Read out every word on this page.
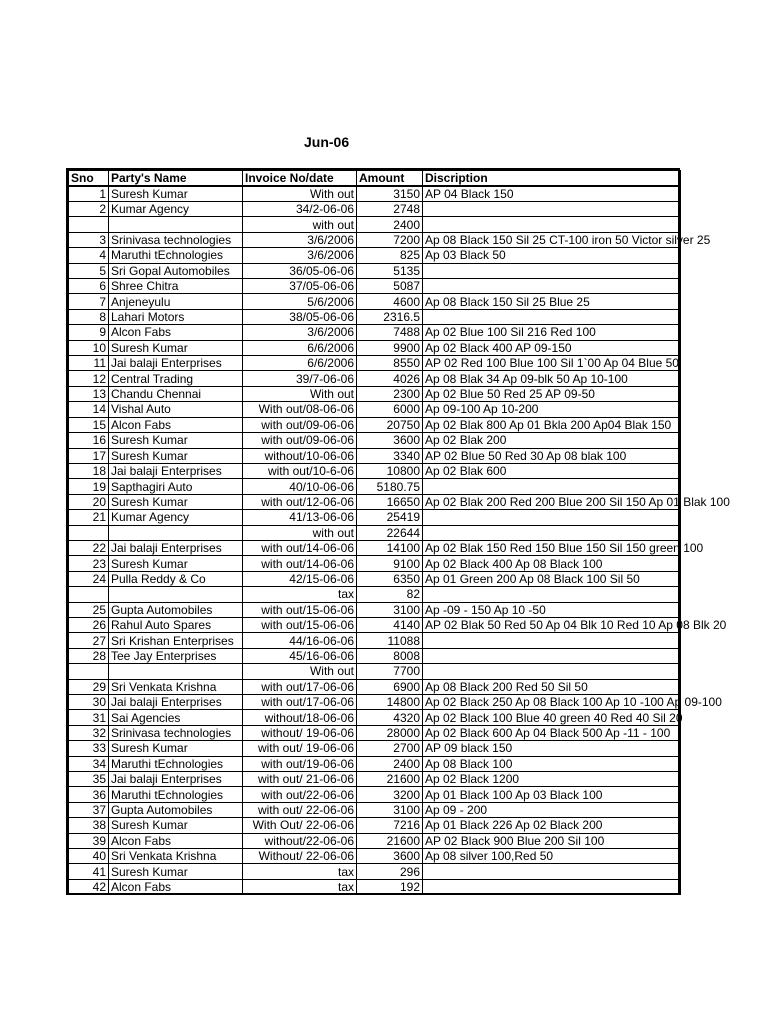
Jun-06
Sno	Party's Name	Invoice No/date	Amount	Discription
1	Suresh Kumar	With out	3150	AP 04 Black 150
2	Kumar Agency	34/2-06-06	2748	
		with out	2400	
3	Srinivasa technologies	3/6/2006	7200	Ap 08 Black 150 Sil 25 CT-100 iron 50 Victor silver 25
4	Maruthi tEchnologies	3/6/2006	825	Ap 03 Black 50
5	Sri Gopal Automobiles	36/05-06-06	5135	
6	Shree Chitra	37/05-06-06	5087	
7	Anjeneyulu	5/6/2006	4600	Ap 08 Black 150 Sil 25 Blue 25
8	Lahari Motors	38/05-06-06	2316.5	
9	Alcon Fabs	3/6/2006	7488	Ap 02 Blue 100 Sil 216 Red 100
10	Suresh Kumar	6/6/2006	9900	Ap 02 Black 400 AP 09-150
11	Jai balaji Enterprises	6/6/2006	8550	AP 02 Red 100 Blue 100 Sil 1`00 Ap 04 Blue 50
12	Central Trading	39/7-06-06	4026	Ap 08 Blak 34 Ap 09-blk 50 Ap 10-100
13	Chandu Chennai	With out	2300	Ap 02 Blue 50 Red 25 AP 09-50
14	Vishal Auto	With out/08-06-06	6000	Ap 09-100 Ap 10-200
15	Alcon Fabs	with out/09-06-06	20750	Ap 02 Blak 800 Ap 01 Bkla 200 Ap04 Blak 150
16	Suresh Kumar	with out/09-06-06	3600	Ap 02 Blak 200
17	Suresh Kumar	without/10-06-06	3340	AP 02 Blue 50 Red 30 Ap 08 blak 100
18	Jai balaji Enterprises	with out/10-6-06	10800	Ap 02 Blak 600
19	Sapthagiri Auto	40/10-06-06	5180.75	
20	Suresh Kumar	with out/12-06-06	16650	Ap 02 Blak 200 Red 200 Blue 200 Sil 150 Ap 01 Blak 100
21	Kumar Agency	41/13-06-06	25419	
		with out	22644	
22	Jai balaji Enterprises	with out/14-06-06	14100	Ap 02 Blak 150 Red 150 Blue 150 Sil 150 green 100
23	Suresh Kumar	with out/14-06-06	9100	Ap 02 Black 400 Ap 08 Black 100
24	Pulla Reddy & Co	42/15-06-06	6350	Ap 01 Green 200 Ap 08 Black 100 Sil 50
		tax	82	
25	Gupta Automobiles	with out/15-06-06	3100	Ap -09 - 150 Ap 10 -50
26	Rahul Auto Spares	with out/15-06-06	4140	AP 02 Blak 50 Red 50 Ap 04 Blk 10 Red 10 Ap 08 Blk 20
27	Sri Krishan Enterprises	44/16-06-06	11088	
28	Tee Jay Enterprises	45/16-06-06	8008	
		With out	7700	
29	Sri Venkata Krishna	with out/17-06-06	6900	Ap 08 Black 200 Red 50 Sil 50
30	Jai balaji Enterprises	with out/17-06-06	14800	Ap 02 Black 250 Ap 08 Black 100 Ap 10 -100 Ap 09-100
31	Sai Agencies	without/18-06-06	4320	Ap 02 Black 100 Blue 40 green 40 Red 40 Sil 20
32	Srinivasa technologies	without/ 19-06-06	28000	Ap 02 Black 600 Ap 04 Black 500 Ap -11 - 100
33	Suresh Kumar	with out/ 19-06-06	2700	AP 09 black 150
34	Maruthi tEchnologies	with out/19-06-06	2400	Ap 08 Black 100
35	Jai balaji Enterprises	with out/ 21-06-06	21600	Ap 02 Black 1200
36	Maruthi tEchnologies	with out/22-06-06	3200	Ap 01 Black 100 Ap 03 Black 100
37	Gupta Automobiles	with out/ 22-06-06	3100	Ap 09 - 200
38	Suresh Kumar	With Out/ 22-06-06	7216	Ap 01 Black 226 Ap 02 Black 200
39	Alcon Fabs	without/22-06-06	21600	AP 02 Black 900 Blue 200 Sil 100
40	Sri Venkata Krishna	Without/ 22-06-06	3600	Ap 08 silver 100,Red 50
41	Suresh Kumar	tax	296	
42	Alcon Fabs	tax	192	
